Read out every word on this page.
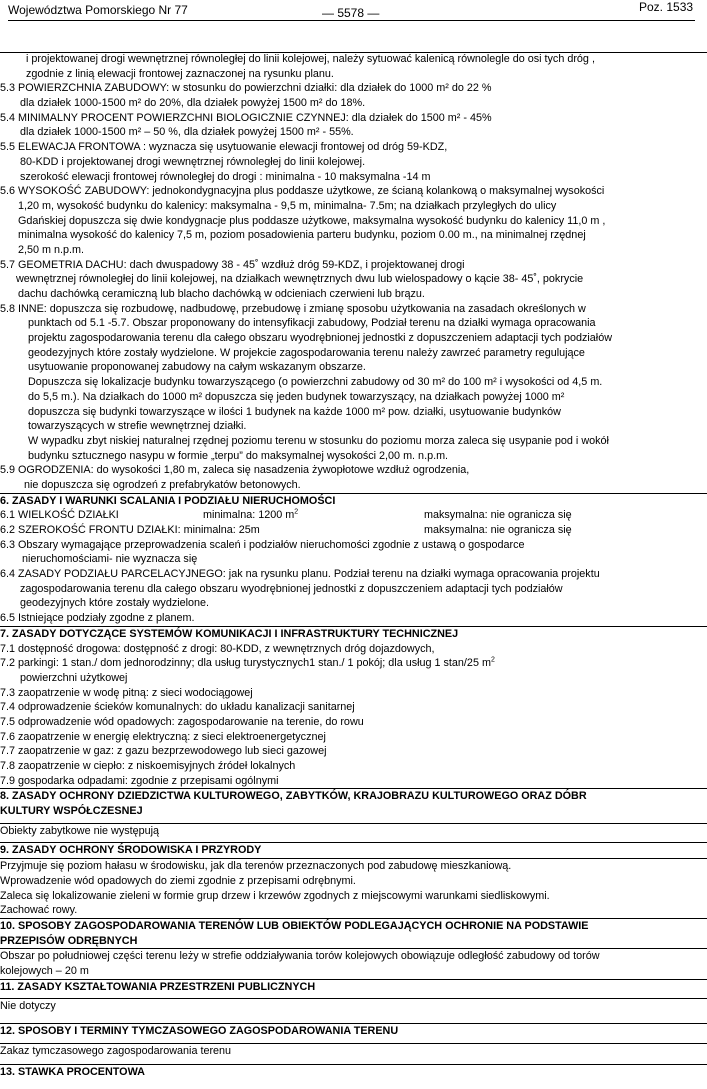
Województwa Pomorskiego Nr 77	— 5578 —	Poz. 1533
i projektowanej drogi wewnętrznej równoległej do linii kolejowej, należy sytuować kalenicą równolegle do osi tych dróg ,
zgodnie z linią elewacji frontowej zaznaczonej na rysunku planu.
5.3 POWIERZCHNIA ZABUDOWY: w stosunku do powierzchni działki: dla działek do 1000 m² do 22 %
dla działek 1000-1500 m² do 20%, dla działek powyżej 1500 m² do 18%.
5.4 MINIMALNY PROCENT POWIERZCHNI BIOLOGICZNIE CZYNNEJ: dla działek do 1500 m² - 45%
dla działek 1000-1500 m² – 50 %, dla działek powyżej 1500 m² - 55%.
5.5 ELEWACJA FRONTOWA : wyznacza się usytuowanie elewacji frontowej od dróg 59-KDZ,
80-KDD i projektowanej drogi wewnętrznej równoległej do linii kolejowej.
szerokość elewacji frontowej równoległej do drogi : minimalna - 10 maksymalna -14 m
5.6 WYSOKOŚĆ ZABUDOWY: jednokondygnacyjna plus poddasze użytkowe, ze ścianą kolankową o maksymalnej wysokości
1,20 m, wysokość budynku do kalenicy: maksymalna - 9,5 m, minimalna- 7.5m; na działkach przyległych do ulicy
Gdańskiej dopuszcza się dwie kondygnacje plus poddasze użytkowe, maksymalna wysokość budynku do kalenicy 11,0 m ,
minimalna wysokość do kalenicy 7,5 m, poziom posadowienia parteru budynku, poziom 0.00 m., na minimalnej rzędnej
2,50 m n.p.m.
5.7 GEOMETRIA DACHU: dach dwuspadowy 38 - 45˚ wzdłuż dróg 59-KDZ, i projektowanej drogi
wewnętrznej równoległej do linii kolejowej, na działkach wewnętrznych dwu lub wielospadowy o kącie 38- 45˚, pokrycie
dachu dachówką ceramiczną lub blacho dachówką w odcieniach czerwieni lub brązu.
5.8 INNE: dopuszcza się rozbudowę, nadbudowę, przebudowę i zmianę sposobu użytkowania na zasadach określonych w
punktach od 5.1 -5.7. Obszar proponowany do intensyfikacji zabudowy, Podział terenu na działki wymaga opracowania
projektu zagospodarowania terenu dla całego obszaru wyodrębnionej jednostki z dopuszczeniem adaptacji tych podziałów
geodezyjnych które zostały wydzielone. W projekcie zagospodarowania terenu należy zawrzeć parametry regulujące
usytuowanie proponowanej zabudowy na całym wskazanym obszarze.
Dopuszcza się lokalizacje budynku towarzyszącego (o powierzchni zabudowy od 30 m² do 100 m² i wysokości od 4,5 m.
do 5,5 m.). Na działkach do 1000 m² dopuszcza się jeden budynek towarzyszący, na działkach powyżej 1000 m²
dopuszcza się budynki towarzyszące w ilości 1 budynek na każde 1000 m² pow. działki, usytuowanie budynków
towarzyszących w strefie wewnętrznej działki.
W wypadku zbyt niskiej naturalnej rzędnej poziomu terenu w stosunku do poziomu morza zaleca się usypanie pod i wokół
budynku sztucznego nasypu w formie „terpu” do maksymalnej wysokości 2,00 m. n.p.m.
5.9 OGRODZENIA: do wysokości 1,80 m, zaleca się nasadzenia żywopłotowe wzdłuż ogrodzenia,
nie dopuszcza się ogrodzeń z prefabrykatów betonowych.
6. ZASADY I WARUNKI SCALANIA I PODZIAŁU NIERUCHOMOŚCI
6.1 WIELKOŚĆ DZIAŁKI	minimalna: 1200 $m^2$	maksymalna: nie ogranicza się
6.2 SZEROKOŚĆ FRONTU DZIAŁKI: minimalna: 25m	maksymalna: nie ogranicza się
6.3 Obszary wymagające przeprowadzenia scaleń i podziałów nieruchomości zgodnie z ustawą o gospodarce
nieruchomościami- nie wyznacza się
6.4 ZASADY PODZIAŁU PARCELACYJNEGO: jak na rysunku planu. Podział terenu na działki wymaga opracowania projektu
zagospodarowania terenu dla całego obszaru wyodrębnionej jednostki z dopuszczeniem adaptacji tych podziałów
geodezyjnych które zostały wydzielone.
6.5 Istniejące podziały zgodne z planem.
7. ZASADY DOTYCZĄCE SYSTEMÓW KOMUNIKACJI I INFRASTRUKTURY TECHNICZNEJ
7.1 dostępność drogowa: dostępność z drogi: 80-KDD, z wewnętrznych dróg dojazdowych,
7.2 parkingi: 1 stan./ dom jednorodzinny; dla usług turystycznych1 stan./ 1 pokój; dla usług 1 stan/25 $m^2$
powierzchni użytkowej
7.3 zaopatrzenie w wodę pitną: z sieci wodociągowej
7.4 odprowadzenie ścieków komunalnych: do układu kanalizacji sanitarnej
7.5 odprowadzenie wód opadowych: zagospodarowanie na terenie, do rowu
7.6 zaopatrzenie w energię elektryczną: z sieci elektroenergetycznej
7.7 zaopatrzenie w gaz: z gazu bezprzewodowego lub sieci gazowej
7.8 zaopatrzenie w ciepło: z niskoemisyjnych źródeł lokalnych
7.9 gospodarka odpadami: zgodnie z przepisami ogólnymi
8. ZASADY OCHRONY DZIEDZICTWA KULTUROWEGO, ZABYTKÓW, KRAJOBRAZU KULTUROWEGO ORAZ DÓBR
KULTURY WSPÓŁCZESNEJ
Obiekty zabytkowe nie występują
9. ZASADY OCHRONY ŚRODOWISKA I PRZYRODY
Przyjmuje się poziom hałasu w środowisku, jak dla terenów przeznaczonych pod zabudowę mieszkaniową.
Wprowadzenie wód opadowych do ziemi zgodnie z przepisami odrębnymi.
Zaleca się lokalizowanie zieleni w formie grup drzew i krzewów zgodnych z miejscowymi warunkami siedliskowymi.
Zachować rowy.
10. SPOSOBY ZAGOSPODAROWANIA TERENÓW LUB OBIEKTÓW PODLEGAJĄCYCH OCHRONIE NA PODSTAWIE
PRZEPISÓW ODRĘBNYCH
Obszar po południowej części terenu leży w strefie oddziaływania torów kolejowych obowiązuje odległość zabudowy od torów
kolejowych – 20 m
11. ZASADY KSZTAŁTOWANIA PRZESTRZENI PUBLICZNYCH
Nie dotyczy
12. SPOSOBY I TERMINY TYMCZASOWEGO ZAGOSPODAROWANIA TERENU
Zakaz tymczasowego zagospodarowania terenu
13. STAWKA PROCENTOWA
